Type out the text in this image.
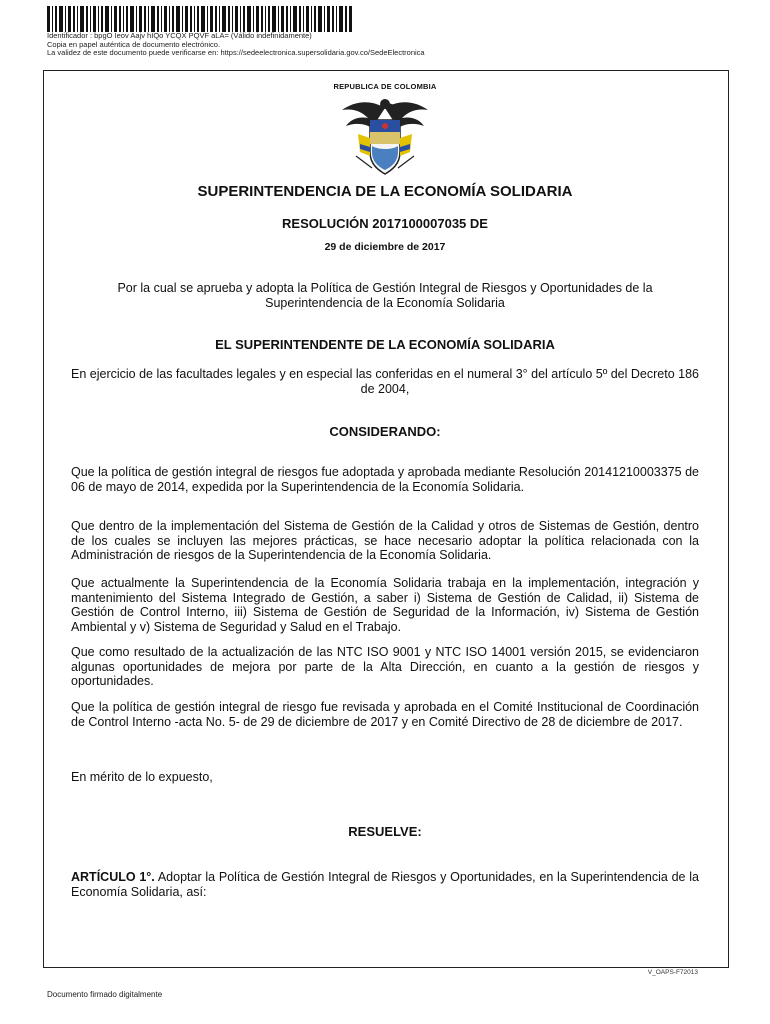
Identificador : bpgO Ieov Aajv hIQo YCQX PQVF aLA= (Válido indefinidamente)
Copia en papel auténtica de documento electrónico.
La validez de este documento puede verificarse en: https://sedeelectronica.supersolidaria.gov.co/SedeElectronica
REPUBLICA DE COLOMBIA
SUPERINTENDENCIA DE LA ECONOMÍA SOLIDARIA
RESOLUCIÓN 2017100007035 DE
29 de diciembre de 2017
Por la cual se aprueba y adopta la Política de Gestión Integral de Riesgos y Oportunidades de la Superintendencia de la Economía Solidaria
EL SUPERINTENDENTE DE LA ECONOMÍA SOLIDARIA
En ejercicio de las facultades legales y en especial las conferidas en el numeral 3° del artículo 5º del Decreto 186 de 2004,
CONSIDERANDO:
Que la política de gestión integral de riesgos fue adoptada y aprobada mediante Resolución 20141210003375 de 06 de mayo de 2014, expedida por la Superintendencia de la Economía Solidaria.
Que dentro de la implementación del Sistema de Gestión de la Calidad y otros de Sistemas de Gestión, dentro de los cuales se incluyen las mejores prácticas, se hace necesario adoptar la política relacionada con la Administración de riesgos de la Superintendencia de la Economía Solidaria.
Que actualmente la Superintendencia de la Economía Solidaria trabaja en la implementación, integración y mantenimiento del Sistema Integrado de Gestión, a saber i) Sistema de Gestión de Calidad, ii) Sistema de Gestión de Control Interno, iii) Sistema de Gestión de Seguridad de la Información, iv) Sistema de Gestión Ambiental y v) Sistema de Seguridad y Salud en el Trabajo.
Que como resultado de la actualización de las NTC ISO 9001 y NTC ISO 14001 versión 2015, se evidenciaron algunas oportunidades de mejora por parte de la Alta Dirección, en cuanto a la gestión de riesgos y oportunidades.
Que la política de gestión integral de riesgo fue revisada y aprobada en el Comité Institucional de Coordinación de Control Interno -acta No. 5- de 29 de diciembre de 2017 y en Comité Directivo de 28 de diciembre de 2017.
En mérito de lo expuesto,
RESUELVE:
ARTÍCULO 1°. Adoptar la Política de Gestión Integral de Riesgos y Oportunidades, en la Superintendencia de la Economía Solidaria, así:
V_OAPS-F72013
Documento firmado digitalmente
